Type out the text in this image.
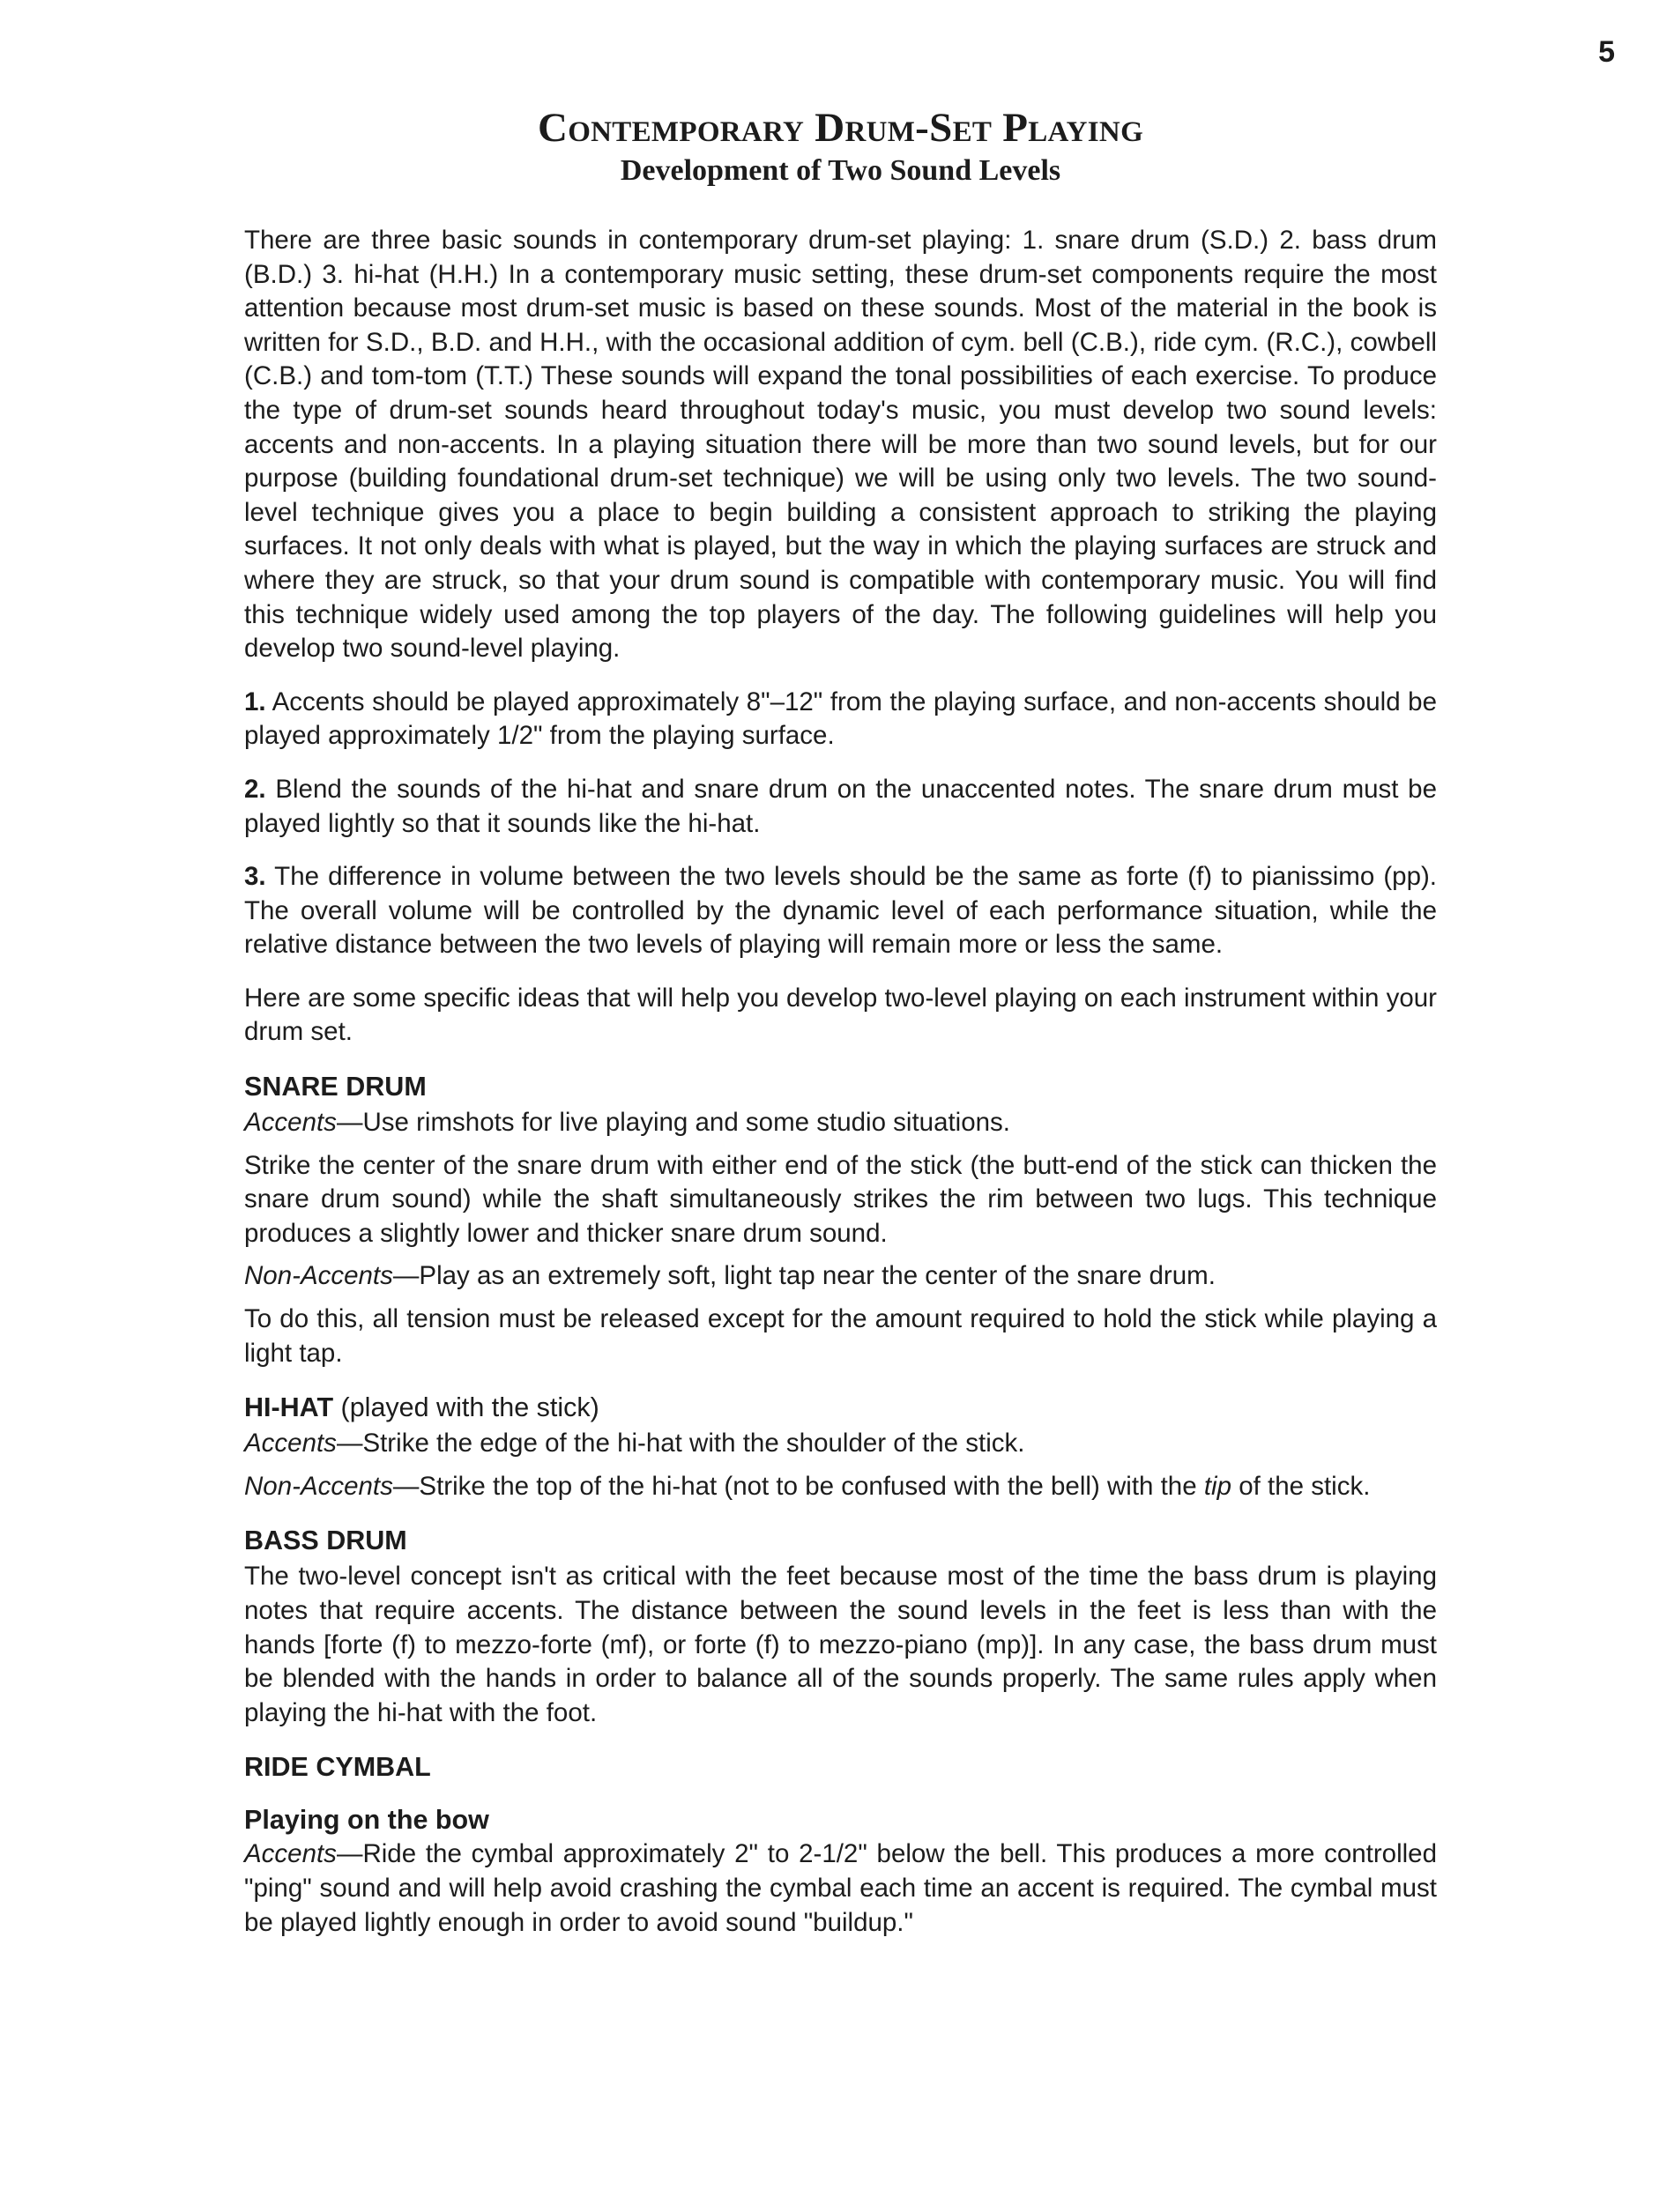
5
Contemporary Drum-Set Playing
Development of Two Sound Levels

There are three basic sounds in contemporary drum-set playing: 1. snare drum (S.D.) 2. bass drum (B.D.) 3. hi-hat (H.H.) In a contemporary music setting, these drum-set components require the most attention because most drum-set music is based on these sounds. Most of the material in the book is written for S.D., B.D. and H.H., with the occasional addition of cym. bell (C.B.), ride cym. (R.C.), cowbell (C.B.) and tom-tom (T.T.) These sounds will expand the tonal possibilities of each exercise. To produce the type of drum-set sounds heard throughout today's music, you must develop two sound levels: accents and non-accents. In a playing situation there will be more than two sound levels, but for our purpose (building foundational drum-set technique) we will be using only two levels. The two sound-level technique gives you a place to begin building a consistent approach to striking the playing surfaces. It not only deals with what is played, but the way in which the playing surfaces are struck and where they are struck, so that your drum sound is compatible with contemporary music. You will find this technique widely used among the top players of the day. The following guidelines will help you develop two sound-level playing.

1. Accents should be played approximately 8"–12" from the playing surface, and non-accents should be played approximately 1/2" from the playing surface.

2. Blend the sounds of the hi-hat and snare drum on the unaccented notes. The snare drum must be played lightly so that it sounds like the hi-hat.

3. The difference in volume between the two levels should be the same as forte (f) to pianissimo (pp). The overall volume will be controlled by the dynamic level of each performance situation, while the relative distance between the two levels of playing will remain more or less the same.

Here are some specific ideas that will help you develop two-level playing on each instrument within your drum set.

SNARE DRUM

Accents—Use rimshots for live playing and some studio situations.

Strike the center of the snare drum with either end of the stick (the butt-end of the stick can thicken the snare drum sound) while the shaft simultaneously strikes the rim between two lugs. This technique produces a slightly lower and thicker snare drum sound.

Non-Accents—Play as an extremely soft, light tap near the center of the snare drum.

To do this, all tension must be released except for the amount required to hold the stick while playing a light tap.

HI-HAT (played with the stick)

Accents—Strike the edge of the hi-hat with the shoulder of the stick.

Non-Accents—Strike the top of the hi-hat (not to be confused with the bell) with the tip of the stick.

BASS DRUM

The two-level concept isn't as critical with the feet because most of the time the bass drum is playing notes that require accents. The distance between the sound levels in the feet is less than with the hands [forte (f) to mezzo-forte (mf), or forte (f) to mezzo-piano (mp)]. In any case, the bass drum must be blended with the hands in order to balance all of the sounds properly. The same rules apply when playing the hi-hat with the foot.

RIDE CYMBAL
Playing on the bow

Accents—Ride the cymbal approximately 2" to 2-1/2" below the bell. This produces a more controlled "ping" sound and will help avoid crashing the cymbal each time an accent is required. The cymbal must be played lightly enough in order to avoid sound "buildup."
